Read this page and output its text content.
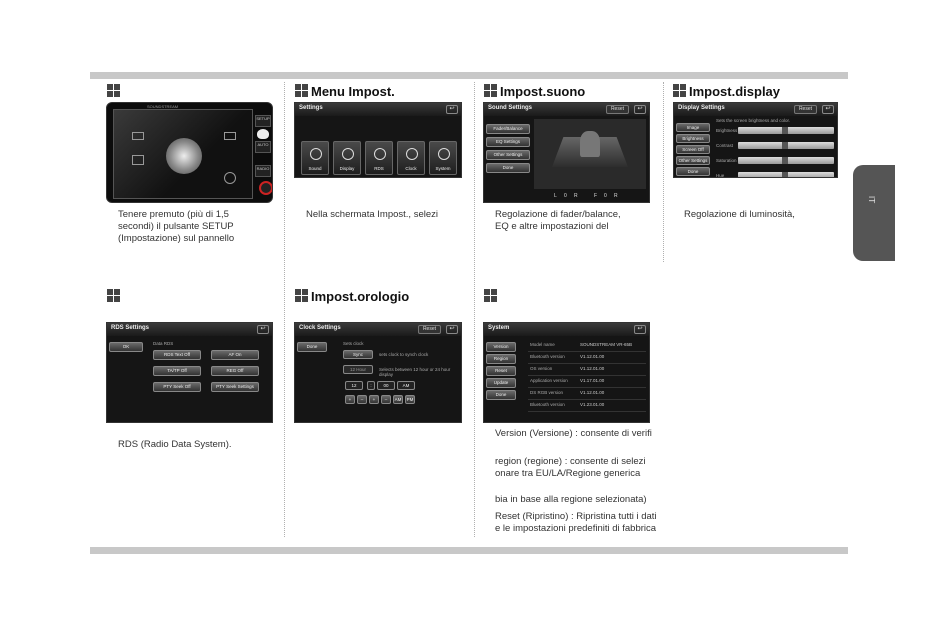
IT
Menu Impost.	Impost.suono	Impost.display
Impost.orologio
SETUP
AUTO
RADIO
SOUNDSTREAM	Settings	↩
Sound	Display	RDS	Clock	System
Sound Settings	Reset	↩
Fader/Balance
EQ Settings
Other Settings
Done
L 0 R	F 0 R
Display Settings	Reset	↩
Sets the screen brightness and color.
Image
Brightness
Screen Off
Other Settings
Done
Brightness
Contrast
Saturation
Hue
RDS Settings	↩
OK
Data RDS
RDS Text Off	AF On
TA/TP Off	REG Off
PTY Seek Off	PTY Seek Settings
Clock Settings	Reset	↩
Done
Sets clock
Sync	sets clock to synch clock
12 Hour	Selects between 12 hour or 24 hour display
12	:	00	AM
+	–	+	–	AM	PM
System	↩
Version
Region
Reset
Update
Done
Model name	SOUNDSTREAM VR-65B
Bluetooth version	V1.12.01.00
OS version	V1.12.01.00
Application version	V1.17.01.00
DS RGB version	V1.12.01.00
Bluetooth version	V1.23.01.00
Tenere premuto (più di 1,5
secondi) il pulsante SETUP
(Impostazione) sul pannello
Nella schermata Impost., selezi	Regolazione di fader/balance,
EQ e altre impostazioni del
Regolazione di luminosità,
RDS (Radio Data System).
Version (Versione) : consente di verifi
region (regione) : consente di selezi
onare tra EU/LA/Regione generica
bia in base alla regione selezionata)
Reset (Ripristino) : Ripristina tutti i dati
e le impostazioni predefiniti di fabbrica
